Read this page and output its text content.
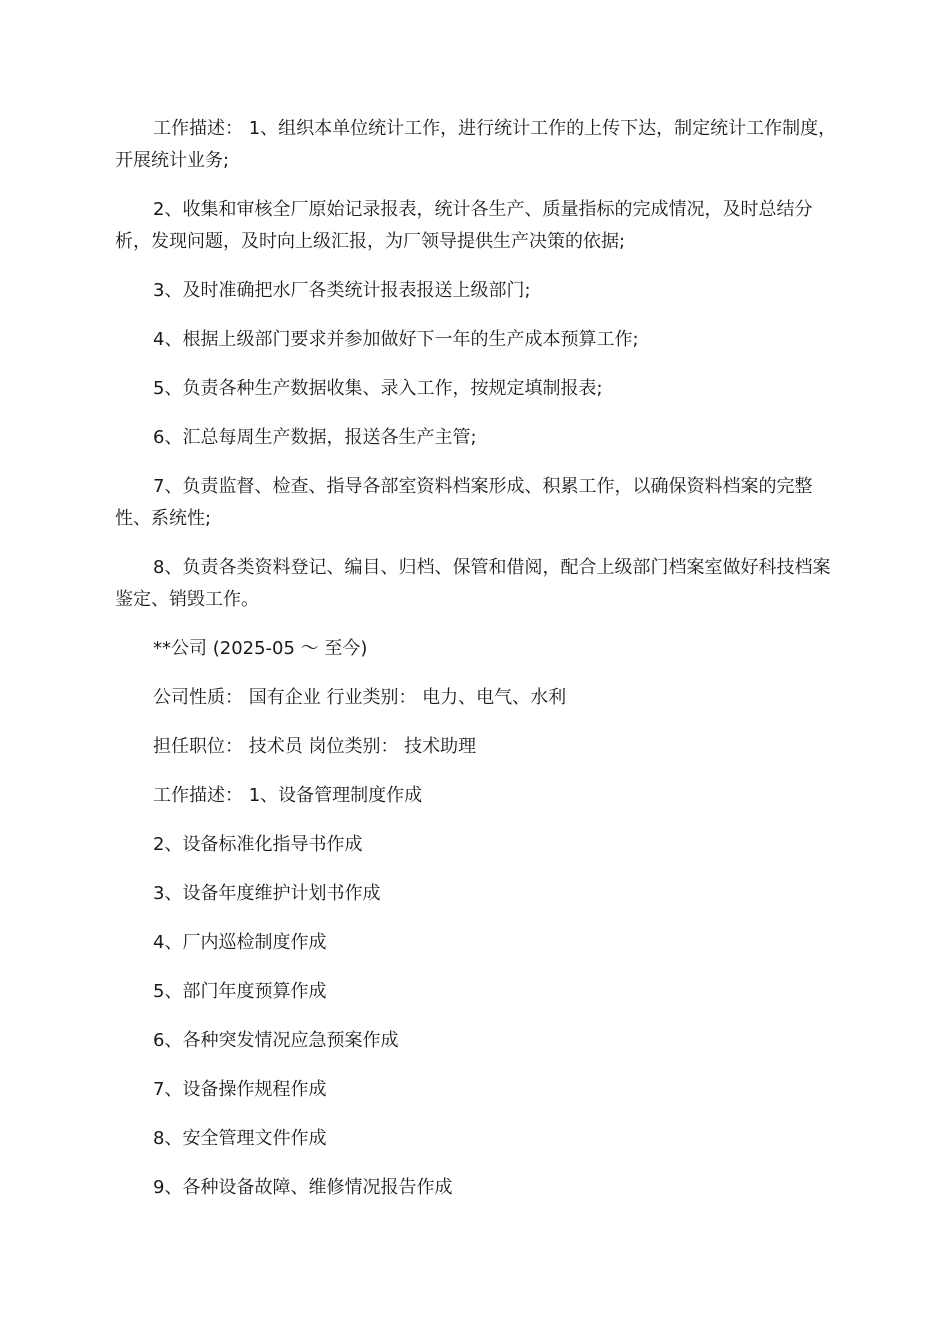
工作描述： 1、组织本单位统计工作，进行统计工作的上传下达，制定统计工作制度，开展统计业务;

2、收集和审核全厂原始记录报表，统计各生产、质量指标的完成情况，及时总结分析，发现问题，及时向上级汇报，为厂领导提供生产决策的依据;

3、及时准确把水厂各类统计报表报送上级部门;

4、根据上级部门要求并参加做好下一年的生产成本预算工作;

5、负责各种生产数据收集、录入工作，按规定填制报表;

6、汇总每周生产数据，报送各生产主管;

7、负责监督、检查、指导各部室资料档案形成、积累工作，以确保资料档案的完整性、系统性;

8、负责各类资料登记、编目、归档、保管和借阅，配合上级部门档案室做好科技档案鉴定、销毁工作。

**公司 (2025-05 ～ 至今)

公司性质： 国有企业 行业类别： 电力、电气、水利

担任职位： 技术员 岗位类别： 技术助理

工作描述： 1、设备管理制度作成

2、设备标准化指导书作成

3、设备年度维护计划书作成

4、厂内巡检制度作成

5、部门年度预算作成

6、各种突发情况应急预案作成

7、设备操作规程作成

8、安全管理文件作成

9、各种设备故障、维修情况报告作成
